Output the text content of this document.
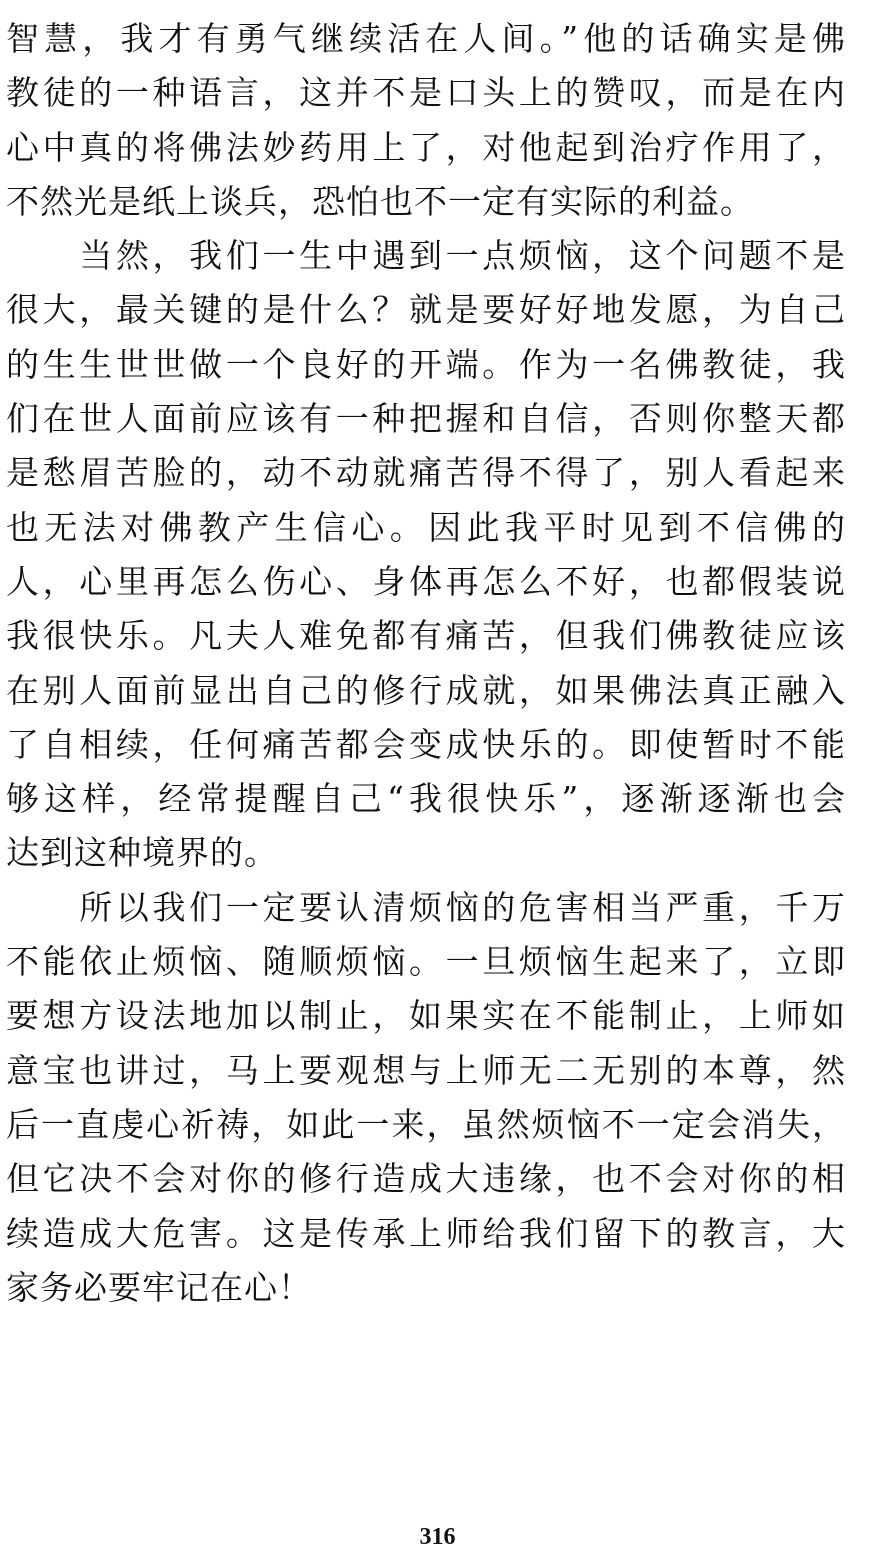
智慧，我才有勇气继续活在人间。”他的话确实是佛
教徒的一种语言，这并不是口头上的赞叹，而是在内
心中真的将佛法妙药用上了，对他起到治疗作用了，
不然光是纸上谈兵，恐怕也不一定有实际的利益。
　　当然，我们一生中遇到一点烦恼，这个问题不是
很大，最关键的是什么？就是要好好地发愿，为自己
的生生世世做一个良好的开端。作为一名佛教徒，我
们在世人面前应该有一种把握和自信，否则你整天都
是愁眉苦脸的，动不动就痛苦得不得了，别人看起来
也无法对佛教产生信心。因此我平时见到不信佛的
人，心里再怎么伤心、身体再怎么不好，也都假装说
我很快乐。凡夫人难免都有痛苦，但我们佛教徒应该
在别人面前显出自己的修行成就，如果佛法真正融入
了自相续，任何痛苦都会变成快乐的。即使暂时不能
够这样，经常提醒自己“我很快乐”，逐渐逐渐也会
达到这种境界的。
　　所以我们一定要认清烦恼的危害相当严重，千万
不能依止烦恼、随顺烦恼。一旦烦恼生起来了，立即
要想方设法地加以制止，如果实在不能制止，上师如
意宝也讲过，马上要观想与上师无二无别的本尊，然
后一直虔心祈祷，如此一来，虽然烦恼不一定会消失，
但它决不会对你的修行造成大违缘，也不会对你的相
续造成大危害。这是传承上师给我们留下的教言，大
家务必要牢记在心！
316
